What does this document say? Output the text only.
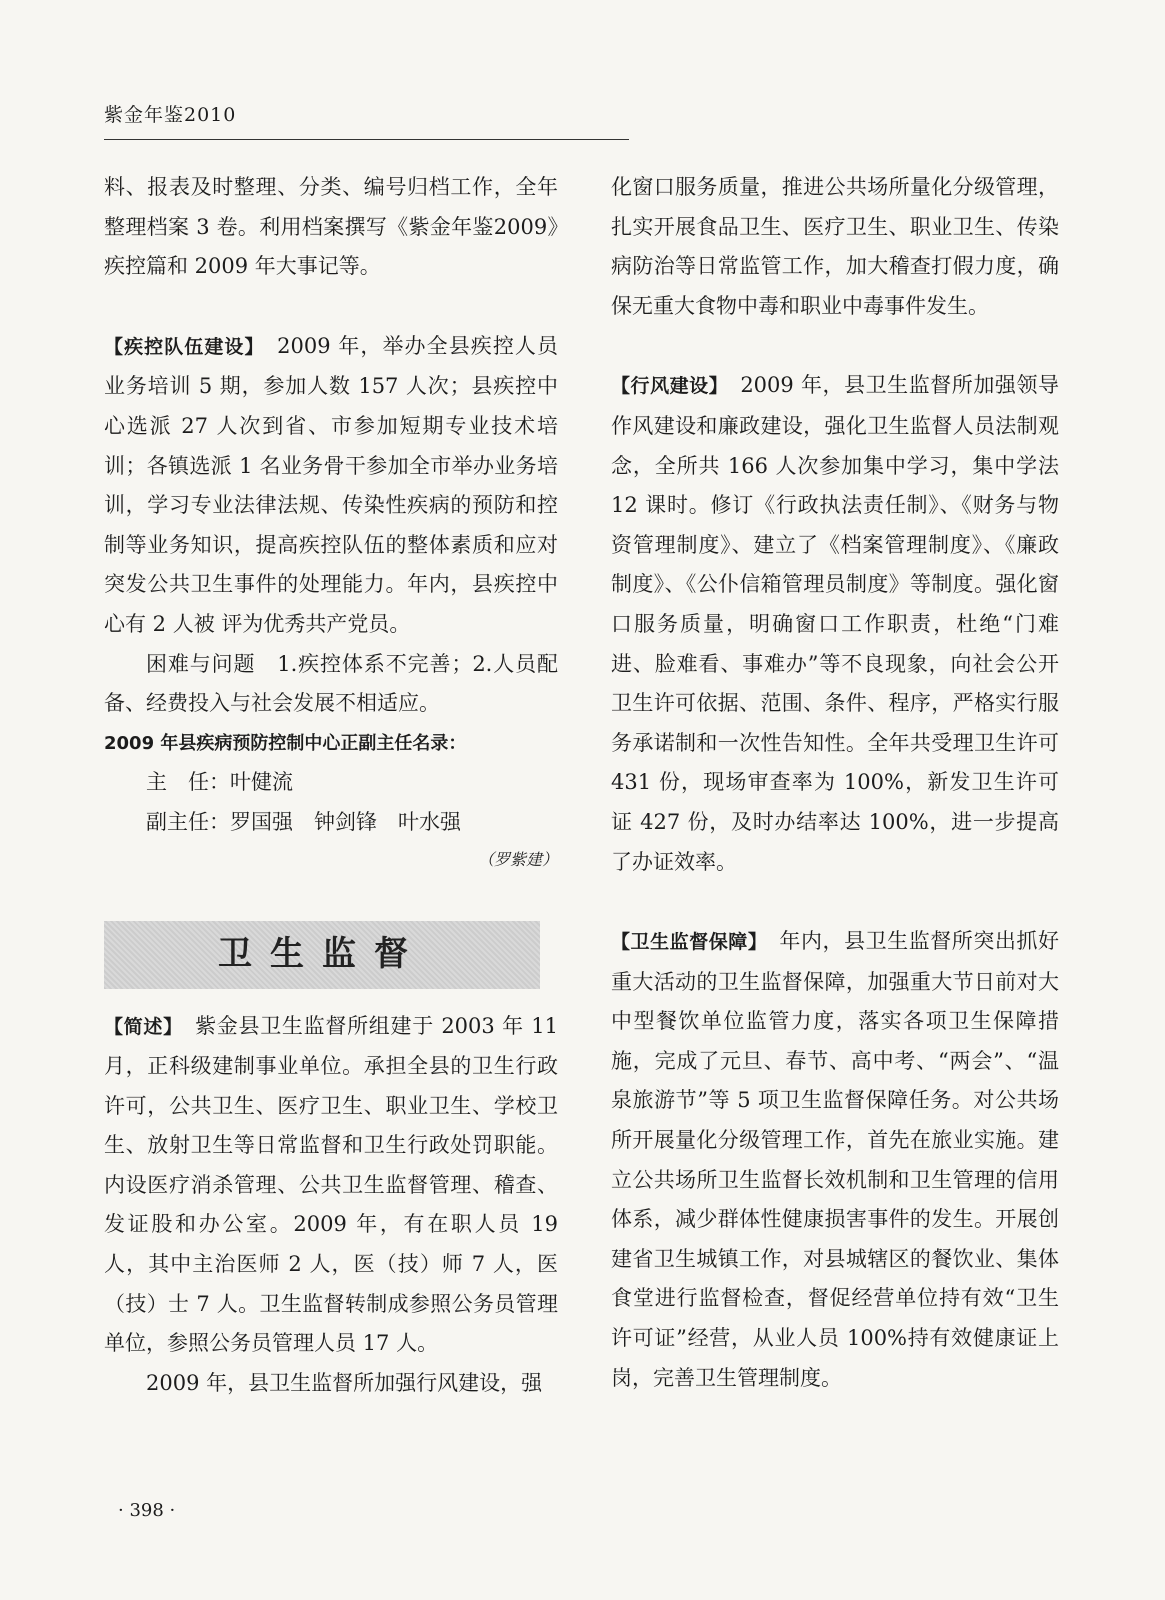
紫金年鉴2010

料、报表及时整理、分类、编号归档工作，全年整理档案 3 卷。利用档案撰写《紫金年鉴2009》疾控篇和 2009 年大事记等。

【疾控队伍建设】　2009 年，举办全县疾控人员业务培训 5 期，参加人数 157 人次；县疾控中心选派 27 人次到省、市参加短期专业技术培训；各镇选派 1 名业务骨干参加全市举办业务培训，学习专业法律法规、传染性疾病的预防和控制等业务知识，提高疾控队伍的整体素质和应对突发公共卫生事件的处理能力。年内，县疾控中心有 2 人被 评为优秀共产党员。

困难与问题　1.疾控体系不完善；2.人员配备、经费投入与社会发展不相适应。

2009 年县疾病预防控制中心正副主任名录：

主　任：叶健流

副主任：罗国强　钟剑锋　叶水强

（罗紫建）

卫生监督

【简述】　紫金县卫生监督所组建于 2003 年 11 月，正科级建制事业单位。承担全县的卫生行政许可，公共卫生、医疗卫生、职业卫生、学校卫生、放射卫生等日常监督和卫生行政处罚职能。内设医疗消杀管理、公共卫生监督管理、稽查、发证股和办公室。2009 年，有在职人员 19 人，其中主治医师 2 人，医（技）师 7 人，医（技）士 7 人。卫生监督转制成参照公务员管理单位，参照公务员管理人员 17 人。

2009 年，县卫生监督所加强行风建设，强

化窗口服务质量，推进公共场所量化分级管理，扎实开展食品卫生、医疗卫生、职业卫生、传染病防治等日常监管工作，加大稽查打假力度，确保无重大食物中毒和职业中毒事件发生。

【行风建设】　2009 年，县卫生监督所加强领导作风建设和廉政建设，强化卫生监督人员法制观念，全所共 166 人次参加集中学习，集中学法 12 课时。修订《行政执法责任制》、《财务与物资管理制度》、建立了《档案管理制度》、《廉政制度》、《公仆信箱管理员制度》等制度。强化窗口服务质量，明确窗口工作职责，杜绝“门难进、脸难看、事难办”等不良现象，向社会公开卫生许可依据、范围、条件、程序，严格实行服务承诺制和一次性告知性。全年共受理卫生许可 431 份，现场审查率为 100%，新发卫生许可证 427 份，及时办结率达 100%，进一步提高了办证效率。

【卫生监督保障】　年内，县卫生监督所突出抓好重大活动的卫生监督保障，加强重大节日前对大中型餐饮单位监管力度，落实各项卫生保障措施，完成了元旦、春节、高中考、“两会”、“温泉旅游节”等 5 项卫生监督保障任务。对公共场所开展量化分级管理工作，首先在旅业实施。建立公共场所卫生监督长效机制和卫生管理的信用体系，减少群体性健康损害事件的发生。开展创建省卫生城镇工作，对县城辖区的餐饮业、集体食堂进行监督检查，督促经营单位持有效“卫生许可证”经营，从业人员 100%持有效健康证上岗，完善卫生管理制度。

· 398 ·
